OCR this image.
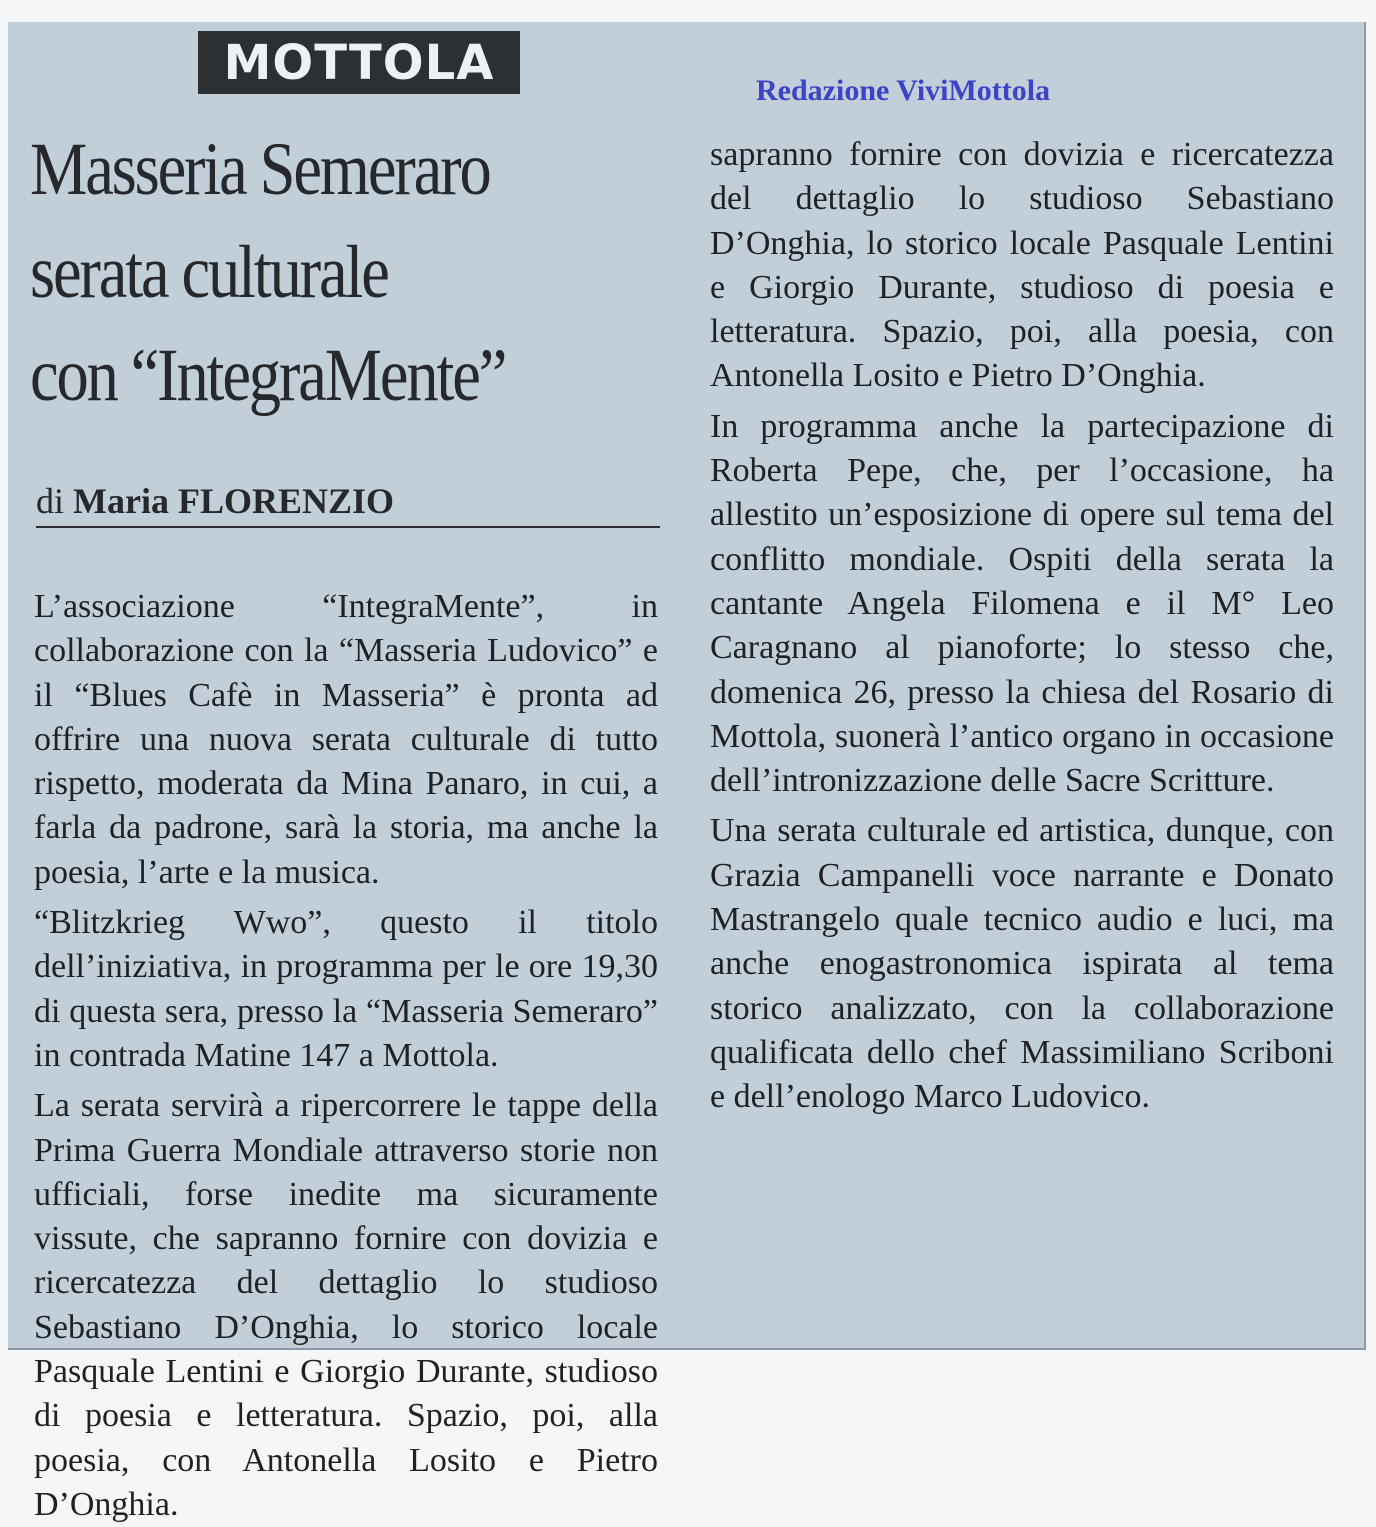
MOTTOLA	Redazione ViviMottola
Masseria Semeraro
serata culturale
con “IntegraMente”
di Maria FLORENZIO

L’associazione “IntegraMente”, in collaborazione con la “Masseria Ludovico” e il “Blues Cafè in Masseria” è pronta ad offrire una nuova serata culturale di tutto rispetto, moderata da Mina Panaro, in cui, a farla da padrone, sarà la storia, ma anche la poesia, l’arte e la musica.

“Blitzkrieg Wwo”, questo il titolo dell’iniziativa, in programma per le ore 19,30 di questa sera, presso la “Masseria Semeraro” in contrada Matine 147 a Mottola.

La serata servirà a ripercorrere le tappe della Prima Guerra Mondiale attraverso storie non ufficiali, forse inedite ma sicuramente vissute, che sapranno fornire con dovizia e ricercatezza del dettaglio lo studioso Sebastiano D’Onghia, lo storico locale Pasquale Lentini e Giorgio Durante, studioso di poesia e letteratura. Spazio, poi, alla poesia, con Antonella Losito e Pietro D’Onghia.

sapranno fornire con dovizia e ricercatezza del dettaglio lo studioso Sebastiano D’Onghia, lo storico locale Pasquale Lentini e Giorgio Durante, studioso di poesia e letteratura. Spazio, poi, alla poesia, con Antonella Losito e Pietro D’Onghia.

In programma anche la partecipazione di Roberta Pepe, che, per l’occasione, ha allestito un’esposizione di opere sul tema del conflitto mondiale. Ospiti della serata la cantante Angela Filomena e il M° Leo Caragnano al pianoforte; lo stesso che, domenica 26, presso la chiesa del Rosario di Mottola, suonerà l’antico organo in occasione dell’intronizzazione delle Sacre Scritture.

Una serata culturale ed artistica, dunque, con Grazia Campanelli voce narrante e Donato Mastrangelo quale tecnico audio e luci, ma anche enogastronomica ispirata al tema storico analizzato, con la collaborazione qualificata dello chef Massimiliano Scriboni e dell’enologo Marco Ludovico.
